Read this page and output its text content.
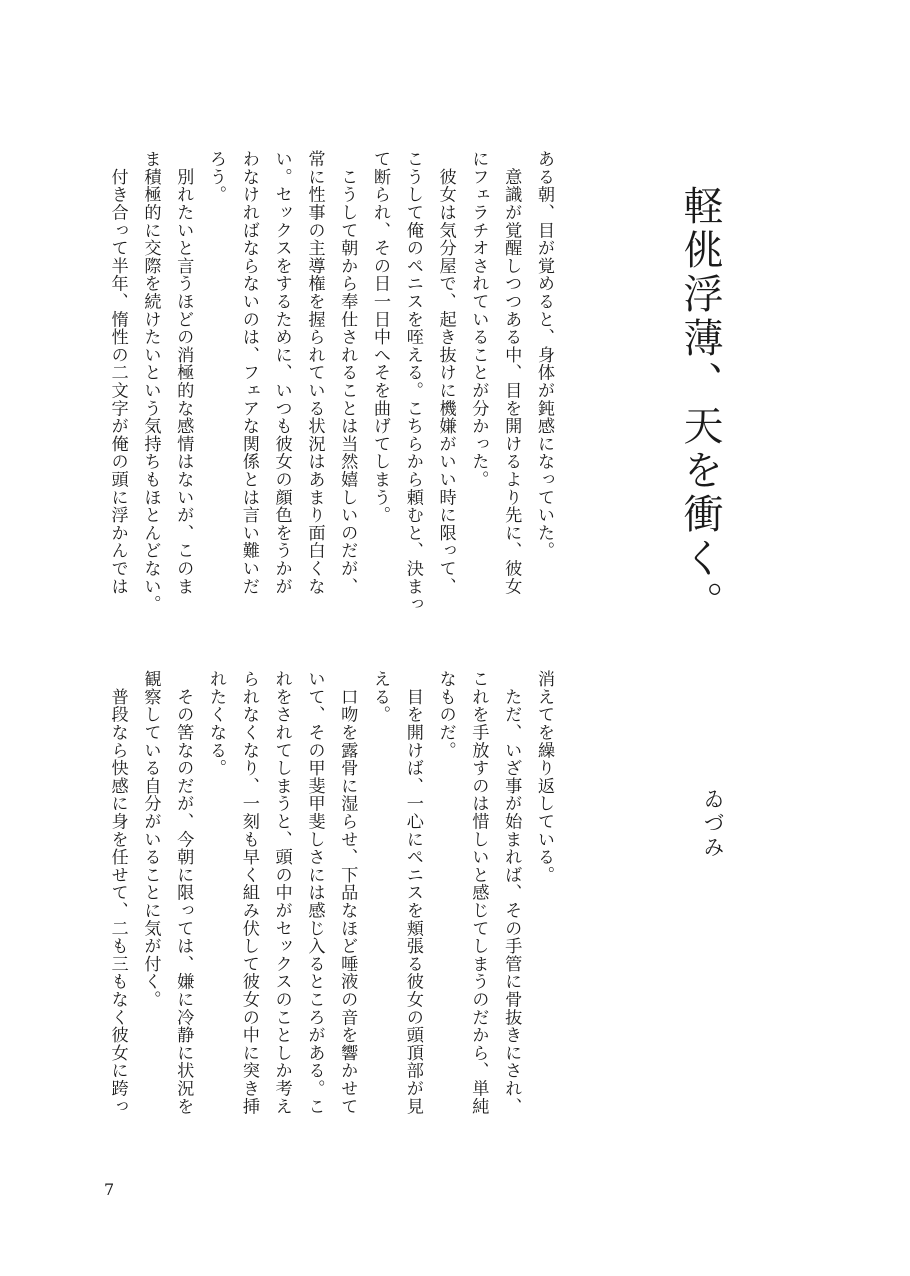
軽佻浮薄、天を衝く。
ゐづみ
ある朝、目が覚めると、身体が鈍感になっていた。
　意識が覚醒しつつある中、目を開けるより先に、彼女
にフェラチオされていることが分かった。
　彼女は気分屋で、起き抜けに機嫌がいい時に限って、
こうして俺のペニスを咥える。こちらから頼むと、決まっ
て断られ、その日一日中へそを曲げてしまう。
　こうして朝から奉仕されることは当然嬉しいのだが、
常に性事の主導権を握られている状況はあまり面白くな
い。セックスをするために、いつも彼女の顔色をうかが
わなければならないのは、フェアな関係とは言い難いだ
ろう。
　別れたいと言うほどの消極的な感情はないが、このま
ま積極的に交際を続けたいという気持ちもほとんどない。
　付き合って半年、惰性の二文字が俺の頭に浮かんでは
消えてを繰り返している。
　ただ、いざ事が始まれば、その手管に骨抜きにされ、
これを手放すのは惜しいと感じてしまうのだから、単純
なものだ。
　目を開けば、一心にペニスを頬張る彼女の頭頂部が見
える。
　口吻を露骨に湿らせ、下品なほど唾液の音を響かせて
いて、その甲斐甲斐しさには感じ入るところがある。こ
れをされてしまうと、頭の中がセックスのことしか考え
られなくなり、一刻も早く組み伏して彼女の中に突き挿
れたくなる。
　その筈なのだが、今朝に限っては、嫌に冷静に状況を
観察している自分がいることに気が付く。
　普段なら快感に身を任せて、二も三もなく彼女に跨っ
7
